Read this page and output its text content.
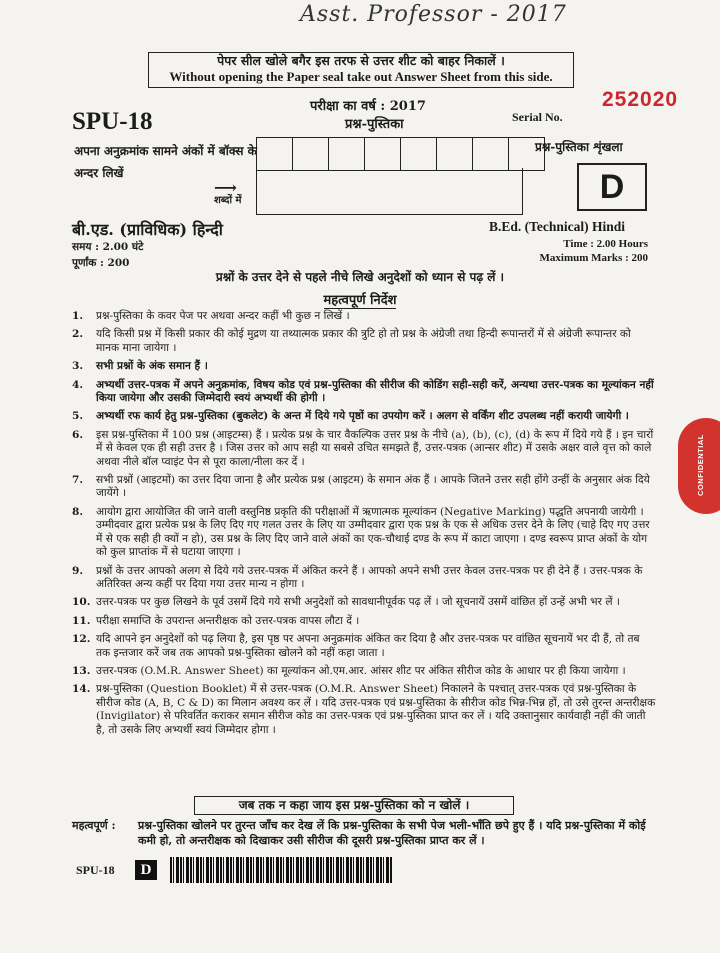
Asst. Professor - 2017
पेपर सील खोले बगैर इस तरफ से उत्तर शीट को बाहर निकालें ।
Without opening the Paper seal take out Answer Sheet from this side.
SPU-18
परीक्षा का वर्ष : 2017
प्रश्न-पुस्तिका	Serial No.
252020
अपना अनुक्रमांक सामने अंकों में बॉक्स के अन्दर लिखें

शब्दों में
⟶
प्रश्न-पुस्तिका शृंखला
D
बी.एड. (प्राविधिक) हिन्दी	B.Ed. (Technical) Hindi
समय : 2.00 घंटे
पूर्णांक : 200
Time : 2.00 Hours
Maximum Marks : 200
प्रश्नों के उत्तर देने से पहले नीचे लिखे अनुदेशों को ध्यान से पढ़ लें ।
महत्वपूर्ण निर्देश
1.	प्रश्न-पुस्तिका के कवर पेज पर अथवा अन्दर कहीं भी कुछ न लिखें ।
2.	यदि किसी प्रश्न में किसी प्रकार की कोई मुद्रण या तथ्यात्मक प्रकार की त्रुटि हो तो प्रश्न के अंग्रेजी तथा हिन्दी रूपान्तरों में से अंग्रेजी रूपान्तर को मानक माना जायेगा ।
3.	सभी प्रश्नों के अंक समान हैं ।
4.	अभ्यर्थी उत्तर-पत्रक में अपने अनुक्रमांक, विषय कोड एवं प्रश्न-पुस्तिका की सीरीज की कोडिंग सही-सही करें, अन्यथा उत्तर-पत्रक का मूल्यांकन नहीं किया जायेगा और उसकी जिम्मेदारी स्वयं अभ्यर्थी की होगी ।
5.	अभ्यर्थी रफ कार्य हेतु प्रश्न-पुस्तिका (बुकलेट) के अन्त में दिये गये पृष्ठों का उपयोग करें । अलग से वर्किंग शीट उपलब्ध नहीं करायी जायेगी ।
6.	इस प्रश्न-पुस्तिका में 100 प्रश्न (आइटम्स) हैं । प्रत्येक प्रश्न के चार वैकल्पिक उत्तर प्रश्न के नीचे (a), (b), (c), (d) के रूप में दिये गये हैं । इन चारों में से केवल एक ही सही उत्तर है । जिस उत्तर को आप सही या सबसे उचित समझते हैं, उत्तर-पत्रक (आन्सर शीट) में उसके अक्षर वाले वृत्त को काले अथवा नीले बॉल प्वाइंट पेन से पूरा काला/नीला कर दें ।
7.	सभी प्रश्नों (आइटमों) का उत्तर दिया जाना है और प्रत्येक प्रश्न (आइटम) के समान अंक हैं । आपके जितने उत्तर सही होंगे उन्हीं के अनुसार अंक दिये जायेंगे ।
8.	आयोग द्वारा आयोजित की जाने वाली वस्तुनिष्ठ प्रकृति की परीक्षाओं में ऋणात्मक मूल्यांकन (Negative Marking) पद्धति अपनायी जायेगी । उम्मीदवार द्वारा प्रत्येक प्रश्न के लिए दिए गए गलत उत्तर के लिए या उम्मीदवार द्वारा एक प्रश्न के एक से अधिक उत्तर देने के लिए (चाहे दिए गए उत्तर में से एक सही ही क्यों न हो), उस प्रश्न के लिए दिए जाने वाले अंकों का एक-चौथाई दण्ड के रूप में काटा जाएगा । दण्ड स्वरूप प्राप्त अंकों के योग को कुल प्राप्तांक में से घटाया जाएगा ।
9.	प्रश्नों के उत्तर आपको अलग से दिये गये उत्तर-पत्रक में अंकित करने हैं । आपको अपने सभी उत्तर केवल उत्तर-पत्रक पर ही देने हैं । उत्तर-पत्रक के अतिरिक्त अन्य कहीं पर दिया गया उत्तर मान्य न होगा ।
10. उत्तर-पत्रक पर कुछ लिखने के पूर्व उसमें दिये गये सभी अनुदेशों को सावधानीपूर्वक पढ़ लें । जो सूचनायें उसमें वांछित हों उन्हें अभी भर लें ।
11. परीक्षा समाप्ति के उपरान्त अन्तरीक्षक को उत्तर-पत्रक वापस लौटा दें ।
12. यदि आपने इन अनुदेशों को पढ़ लिया है, इस पृष्ठ पर अपना अनुक्रमांक अंकित कर दिया है और उत्तर-पत्रक पर वांछित सूचनायें भर दी हैं, तो तब तक इन्तजार करें जब तक आपको प्रश्न-पुस्तिका खोलने को नहीं कहा जाता ।
13. उत्तर-पत्रक (O.M.R. Answer Sheet) का मूल्यांकन ओ.एम.आर. आंसर शीट पर अंकित सीरीज कोड के आधार पर ही किया जायेगा ।
14. प्रश्न-पुस्तिका (Question Booklet) में से उत्तर-पत्रक (O.M.R. Answer Sheet) निकालने के पश्चात् उत्तर-पत्रक एवं प्रश्न-पुस्तिका के सीरीज कोड (A, B, C & D) का मिलान अवश्य कर लें । यदि उत्तर-पत्रक एवं प्रश्न-पुस्तिका के सीरीज कोड भिन्न-भिन्न हों, तो उसे तुरन्त अन्तरीक्षक (Invigilator) से परिवर्तित कराकर समान सीरीज कोड का उत्तर-पत्रक एवं प्रश्न-पुस्तिका प्राप्त कर लें । यदि उक्तानुसार कार्यवाही नहीं की जाती है, तो उसके लिए अभ्यर्थी स्वयं जिम्मेदार होगा ।
जब तक न कहा जाय इस प्रश्न-पुस्तिका को न खोलें ।
महत्वपूर्ण :	प्रश्न-पुस्तिका खोलने पर तुरन्त जाँच कर देख लें कि प्रश्न-पुस्तिका के सभी पेज भली-भाँति छपे हुए हैं । यदि प्रश्न-पुस्तिका में कोई कमी हो, तो अन्तरीक्षक को दिखाकर उसी सीरीज की दूसरी प्रश्न-पुस्तिका प्राप्त कर लें ।
SPU-18	D
CONFIDENTIAL
